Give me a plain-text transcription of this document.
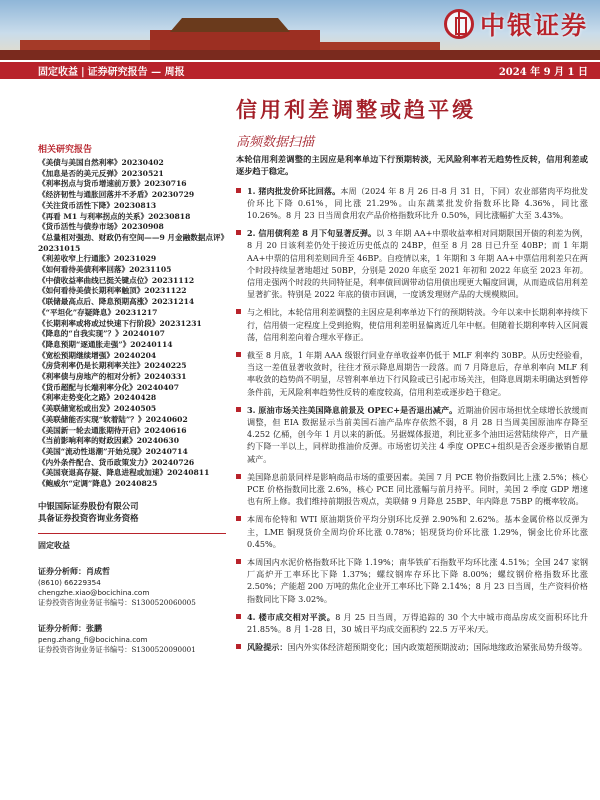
中银证券
固定收益 | 证券研究报告 — 周报	2024 年 9 月 1 日
信用利差调整或趋平缓
高频数据扫描
相关研究报告
《美债与美国自然利率》20230402
《加息是否的美元反弹》20230521
《利率拐点与货币增速前万景》20230716
《经济韧性与通胀回落并不矛盾》20230729
《关注货币活性下降》20230813
《再看 M1 与利率拐点的关系》20230818
《货币活性与债券市场》20230908
《总量相对强劲、财政仍有空间——9 月金融数据点评》20231015
《利差收窄上行通胀》20231029
《如何看待美债利率回落》20231105
《中债收益率曲线已挺关键点位》20231112
《如何看待美债长期利率触顶》20231122
《联储最高点后、降息预期高涨》20231214
《“平坦化”存疑降息》20231217
《长期利率或将或过快速下行阶段》20231231
《降息的“自我实现”？》20240107
《降息预期“逐通胀走强”》20240114
《宽松预期继续增强》20240204
《房贷利率仍是长期利率关注》20240225
《利率债与房地产的相对分析》20240331
《货币超配与长端利率分化》20240407
《利率走势变化之路》20240428
《美联储宽松或出发》20240505
《美联储能否实现“软着陆”？》20240602
《美国新一轮去通胀期待开启》20240616
《当前影响利率的财政因素》20240630
《美国“流动性退潮”开始兑现》20240714
《内外条件配合、货币政策发力》20240726
《美国衰退高存疑、降息进程或加速》20240811
《鲍威尔“定调”降息》20240825
中银国际证券股份有限公司
具备证券投资咨询业务资格
固定收益
证券分析师：肖成哲
(8610) 66229354
chengzhe.xiao@bocichina.com
证券投资咨询业务证书编号：S1300520060005
证券分析师：张鹏
peng.zhang_fi@bocichina.com
证券投资咨询业务证书编号：S1300520090001
本轮信用利差调整的主因应是利率单边下行预期转淡，无风险利率若无趋势性反转，信用利差或逐步趋于稳定。
1. 猪肉批发价环比回落。本周（2024 年 8 月 26 日-8 月 31 日，下同）农业部猪肉平均批发价环比下降 0.61%，同比涨 21.29%。山东蔬菜批发价指数环比降 4.36%，同比涨 10.26%。8 月 23 日当周食用农产品价格指数环比升 0.50%，同比涨幅扩大至 3.43%。
2. 信用债利差 8 月下旬显著反弹。以 3 年期 AA+中票收益率相对同期限国开债的利差为例，8 月 20 日该利差仍处于接近历史低点的 24BP，但至 8 月 28 日已升至 40BP；而 1 年期 AA+中票的信用利差则回升至 46BP。自疫情以来，1 年期和 3 年期 AA+中票信用利差只在两个时段持续显著地超过 50BP，分别是 2020 年底至 2021 年初和 2022 年底至 2023 年初。信用走强两个时段的共同特征是，利率债回调带动信用债出现更大幅度回调，从而造成信用利差显著扩张。特别是 2022 年底的债市回调，一度诱发理财产品的大规模赎回。
与之相比，本轮信用利差调整的主因应是利率单边下行的预期转淡。今年以来中长期利率持续下行，信用债一定程度上受到抢购，使信用利差明显偏离近几年中枢。但随着长期利率转入区间震荡，信用利差向着合理水平修正。
截至 8 月底，1 年期 AAA 级银行同业存单收益率仍低于 MLF 利率约 30BP。从历史经验看，当这一差值显著收敛时，往往才预示降息周期告一段落。而 7 月降息后，存单利率向 MLF 利率收敛的趋势尚不明显，尽管利率单边下行风险或已引起市场关注，但降息周期未明确达到暂停条件前，无风险利率趋势性反转的难度较高，信用利差或逐步趋于稳定。
3. 原油市场关注美国降息前景及 OPEC+是否退出减产。近期油价因市场担忧全球增长放缓而调整，但 EIA 数据显示当前美国石油产品库存依然不弱，8 月 28 日当周美国原油库存降至 4.252 亿桶，创今年 1 月以来的新低。另据媒体报道，利比亚多个油田运营陆续停产，日产量约下降一半以上，同样助推油价反弹。市场密切关注 4 季度 OPEC+组织是否会逐步撤销自愿减产。
美国降息前景同样是影响商品市场的重要因素。美国 7 月 PCE 物价指数同比上涨 2.5%；核心 PCE 价格指数同比涨 2.6%，核心 PCE 同比涨幅与前月持平。同时，美国 2 季度 GDP 增速也有所上修。我们维持前期报告观点，美联储 9 月降息 25BP、年内降息 75BP 的概率较高。
本周布伦特和 WTI 原油期货价平均分别环比反弹 2.90%和 2.62%。基本金属价格以反弹为主，LME 铜现货价全周均价环比涨 0.78%；铝现货均价环比涨 1.29%，铜金比价环比涨 0.45%。
本周国内水泥价格指数环比下降 1.19%；南华铁矿石指数平均环比涨 4.51%；全国 247 家钢厂高炉开工率环比下降 1.37%；螺纹钢库存环比下降 8.00%；螺纹钢价格指数环比涨 2.50%；产能超 200 万吨的焦化企业开工率环比下降 2.14%；8 月 23 日当周，生产资料价格指数同比下降 3.02%。
4. 楼市成交相对平淡。8 月 25 日当周，万得追踪的 30 个大中城市商品房成交面积环比升 21.85%。8 月 1-28 日，30 城日平均成交面积约 22.5 万平米/天。
风险提示：国内外实体经济超预期变化；国内政策超预期波动；国际地缘政治紧张局势升级等。
